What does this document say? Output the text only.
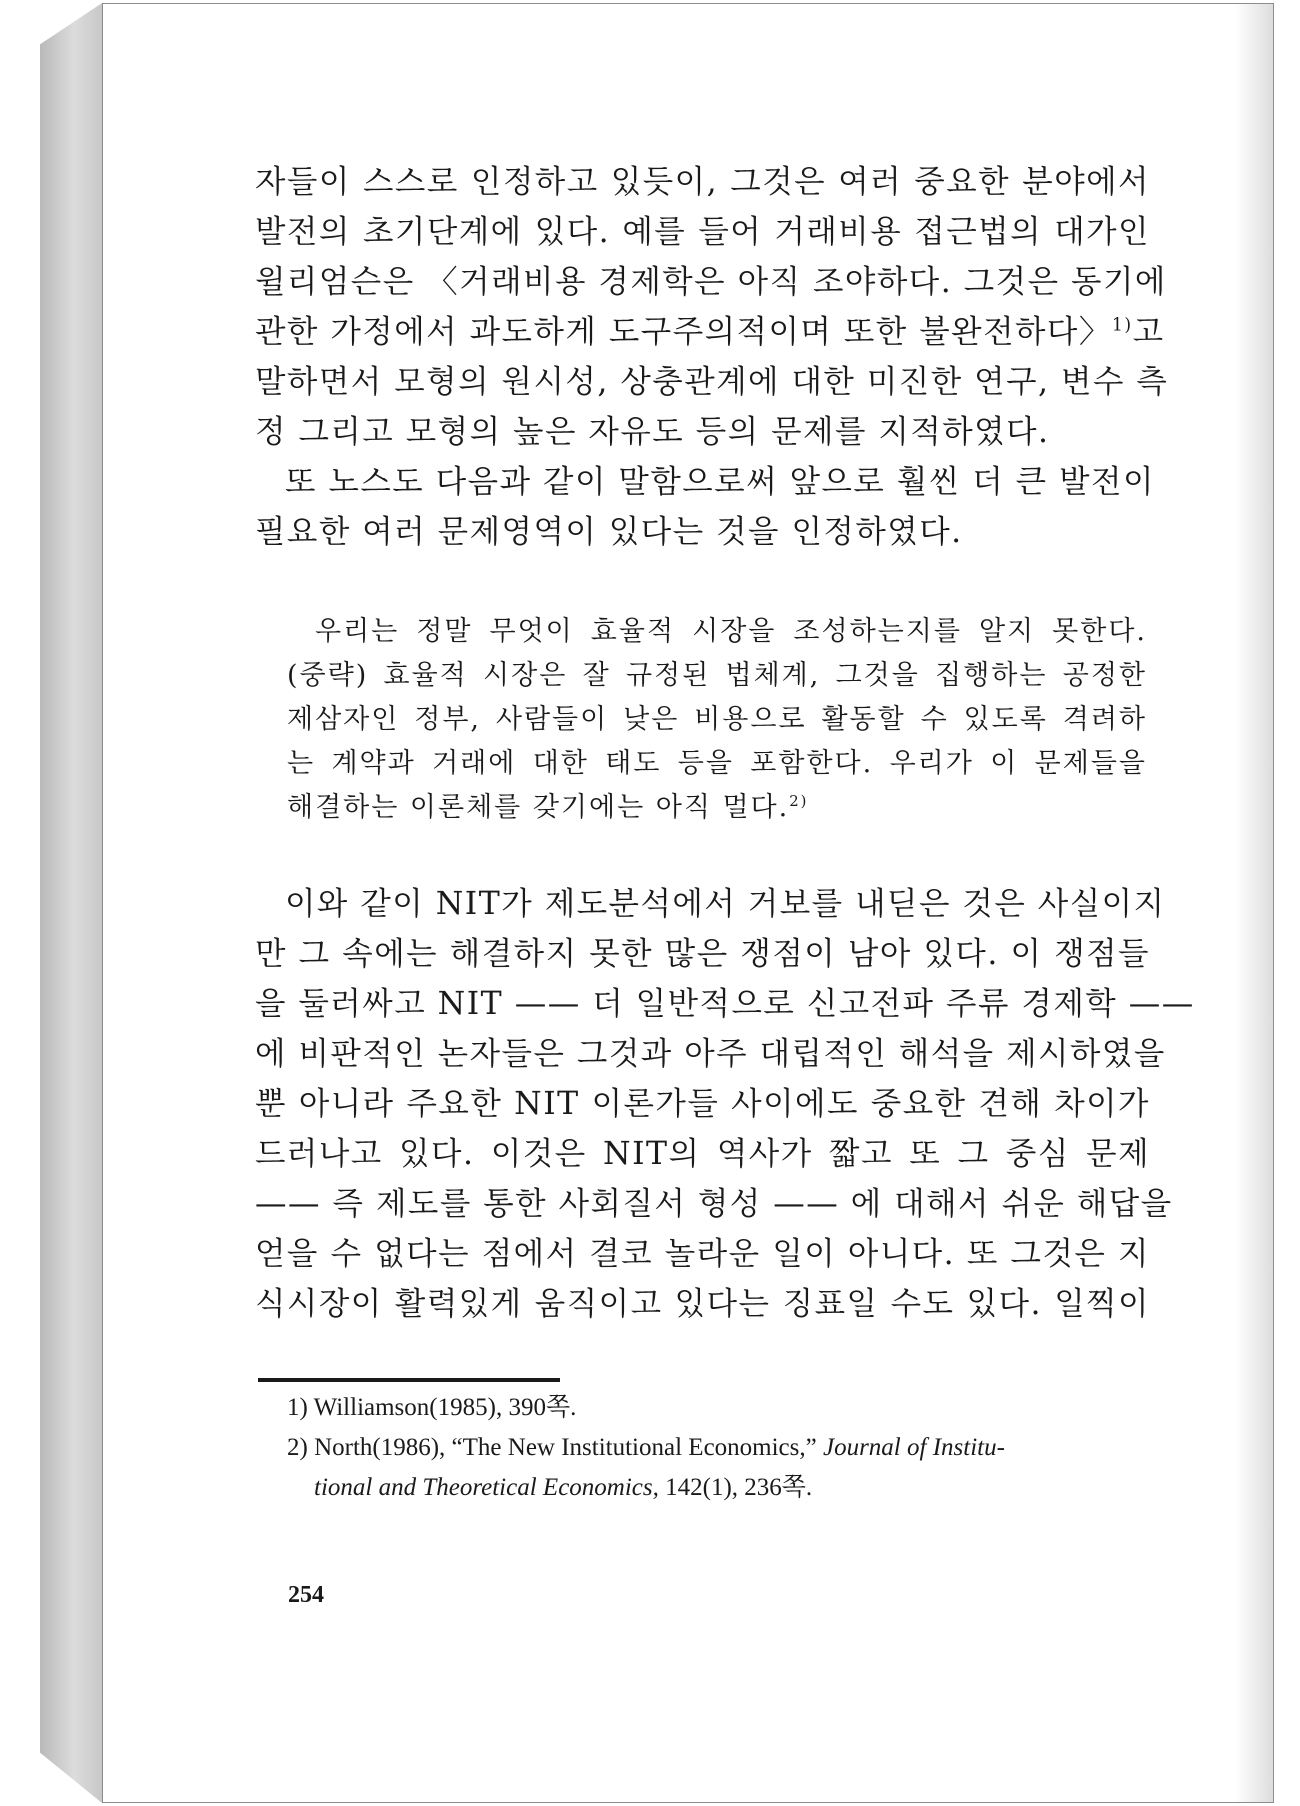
자들이 스스로 인정하고 있듯이, 그것은 여러 중요한 분야에서
발전의 초기단계에 있다. 예를 들어 거래비용 접근법의 대가인
윌리엄슨은 〈거래비용 경제학은 아직 조야하다. 그것은 동기에
관한 가정에서 과도하게 도구주의적이며 또한 불완전하다〉$^{1)}$고
말하면서 모형의 원시성, 상충관계에 대한 미진한 연구, 변수 측
정 그리고 모형의 높은 자유도 등의 문제를 지적하였다.
또 노스도 다음과 같이 말함으로써 앞으로 훨씬 더 큰 발전이
필요한 여러 문제영역이 있다는 것을 인정하였다.
우리는 정말 무엇이 효율적 시장을 조성하는지를 알지 못한다.
(중략) 효율적 시장은 잘 규정된 법체계, 그것을 집행하는 공정한
제삼자인 정부, 사람들이 낮은 비용으로 활동할 수 있도록 격려하
는 계약과 거래에 대한 태도 등을 포함한다. 우리가 이 문제들을
해결하는 이론체를 갖기에는 아직 멀다.$^{2)}$
이와 같이 NIT가 제도분석에서 거보를 내딛은 것은 사실이지
만 그 속에는 해결하지 못한 많은 쟁점이 남아 있다. 이 쟁점들
을 둘러싸고 NIT —— 더 일반적으로 신고전파 주류 경제학 ——
에 비판적인 논자들은 그것과 아주 대립적인 해석을 제시하였을
뿐 아니라 주요한 NIT 이론가들 사이에도 중요한 견해 차이가
드러나고 있다. 이것은 NIT의 역사가 짧고 또 그 중심 문제
—— 즉 제도를 통한 사회질서 형성 —— 에 대해서 쉬운 해답을
얻을 수 없다는 점에서 결코 놀라운 일이 아니다. 또 그것은 지
식시장이 활력있게 움직이고 있다는 징표일 수도 있다. 일찍이
1) Williamson(1985), 390쪽.
2) North(1986), “The New Institutional Economics,” Journal of Institu-
tional and Theoretical Economics, 142(1), 236쪽.
254
